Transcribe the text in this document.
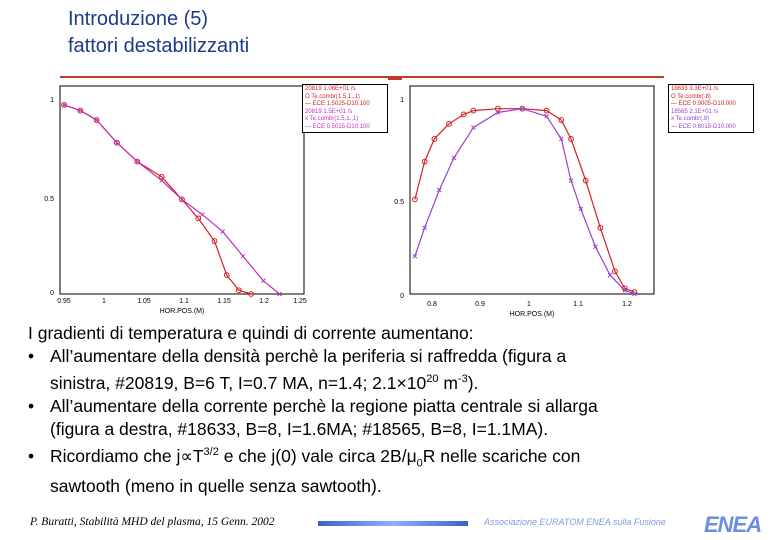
Introduzione (5)
fattori destabilizzanti
1
0.5
0
0.95	1	1.05	1.1	1.15	1.2	1.25
HOR.POS.(M)
20819 1.06E+01 /s
O Te.combr(1.5,1.,1)
— ECE 1.5025-D10.100
20819 1.5E+01 /s
x Te.combr(1.5,1.,1)
— ECE 0.5015-D10.100
1
0.5
0
0.8	0.9	1	1.1	1.2
HOR.POS.(M)
18633 3.3E+01 /s
O Te.combr(.8)
— ECE 0.9005-D10.000
18565 2.1E+01 /s
x Te.combr(.8)
— ECE 0.8015-D10.000
I gradienti di temperatura e quindi di corrente aumentano:
• All’aumentare della densità perchè la periferia si raffredda (figura a
sinistra, #20819, B=6 T, I=0.7 MA, n=1.4; $2.1\times 10^{20}$ $m^{-3}$).
• All’aumentare della corrente perchè la regione piatta centrale si allarga
(figura a destra, #18633, B=8, I=1.6MA; #18565, B=8, I=1.1MA).
• Ricordiamo che $j\propto T^{3/2}$ e che j(0) vale circa $2B/\mu_0R$ nelle scariche con
sawtooth (meno in quelle senza sawtooth).
P. Buratti, Stabilità MHD del plasma, 15 Genn. 2002	Associazione EURATOM ENEA sulla Fusione ENEA
